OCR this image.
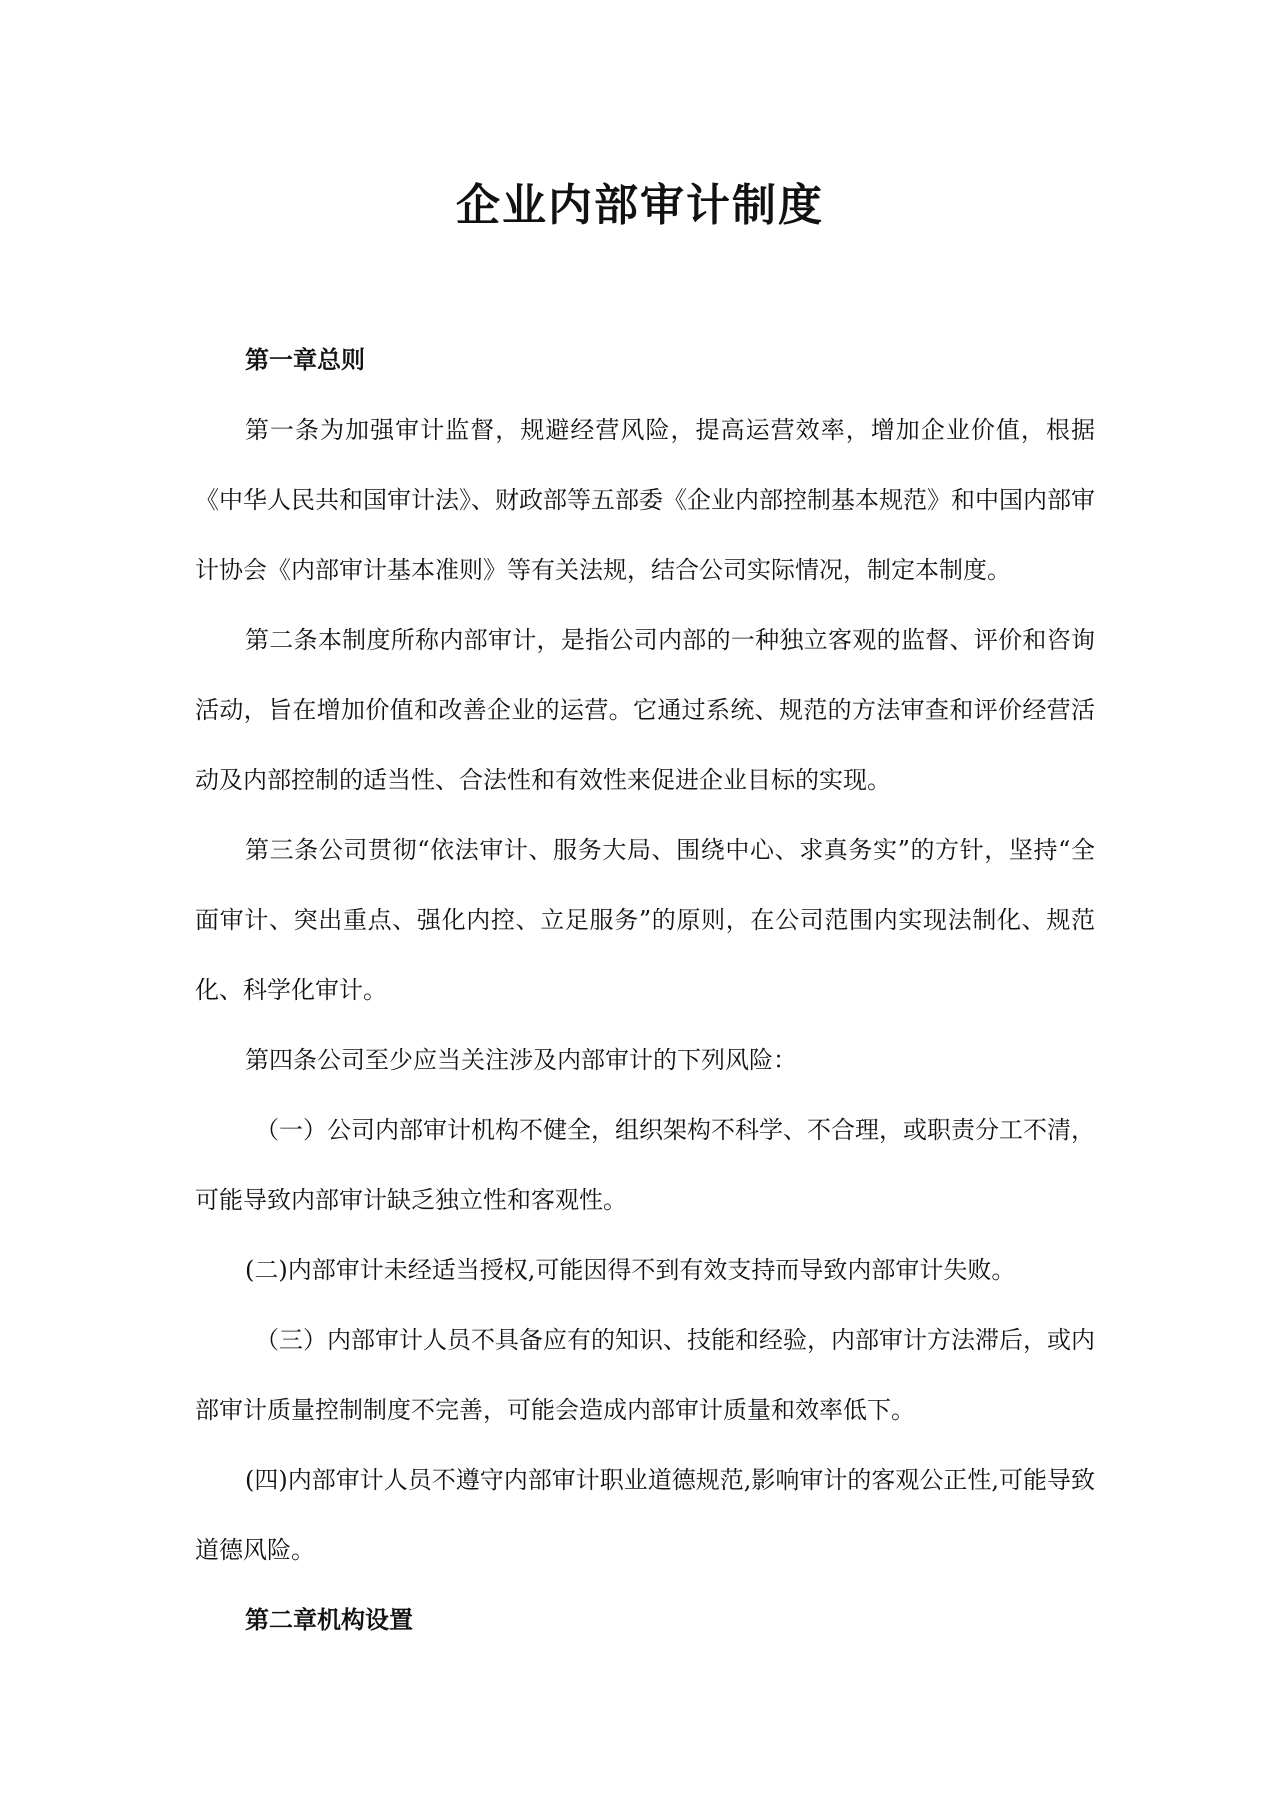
企业内部审计制度

第一章总则

第一条为加强审计监督，规避经营风险，提高运营效率，增加企业价值，根据《中华人民共和国审计法》、财政部等五部委《企业内部控制基本规范》和中国内部审计协会《内部审计基本准则》等有关法规，结合公司实际情况，制定本制度。

第二条本制度所称内部审计，是指公司内部的一种独立客观的监督、评价和咨询活动，旨在增加价值和改善企业的运营。它通过系统、规范的方法审查和评价经营活动及内部控制的适当性、合法性和有效性来促进企业目标的实现。

第三条公司贯彻“依法审计、服务大局、围绕中心、求真务实”的方针，坚持“全面审计、突出重点、强化内控、立足服务”的原则，在公司范围内实现法制化、规范化、科学化审计。

第四条公司至少应当关注涉及内部审计的下列风险：

（一）公司内部审计机构不健全，组织架构不科学、不合理，或职责分工不清，可能导致内部审计缺乏独立性和客观性。

(二)内部审计未经适当授权,可能因得不到有效支持而导致内部审计失败。

（三）内部审计人员不具备应有的知识、技能和经验，内部审计方法滞后，或内部审计质量控制制度不完善，可能会造成内部审计质量和效率低下。

(四)内部审计人员不遵守内部审计职业道德规范,影响审计的客观公正性,可能导致道德风险。

第二章机构设置
